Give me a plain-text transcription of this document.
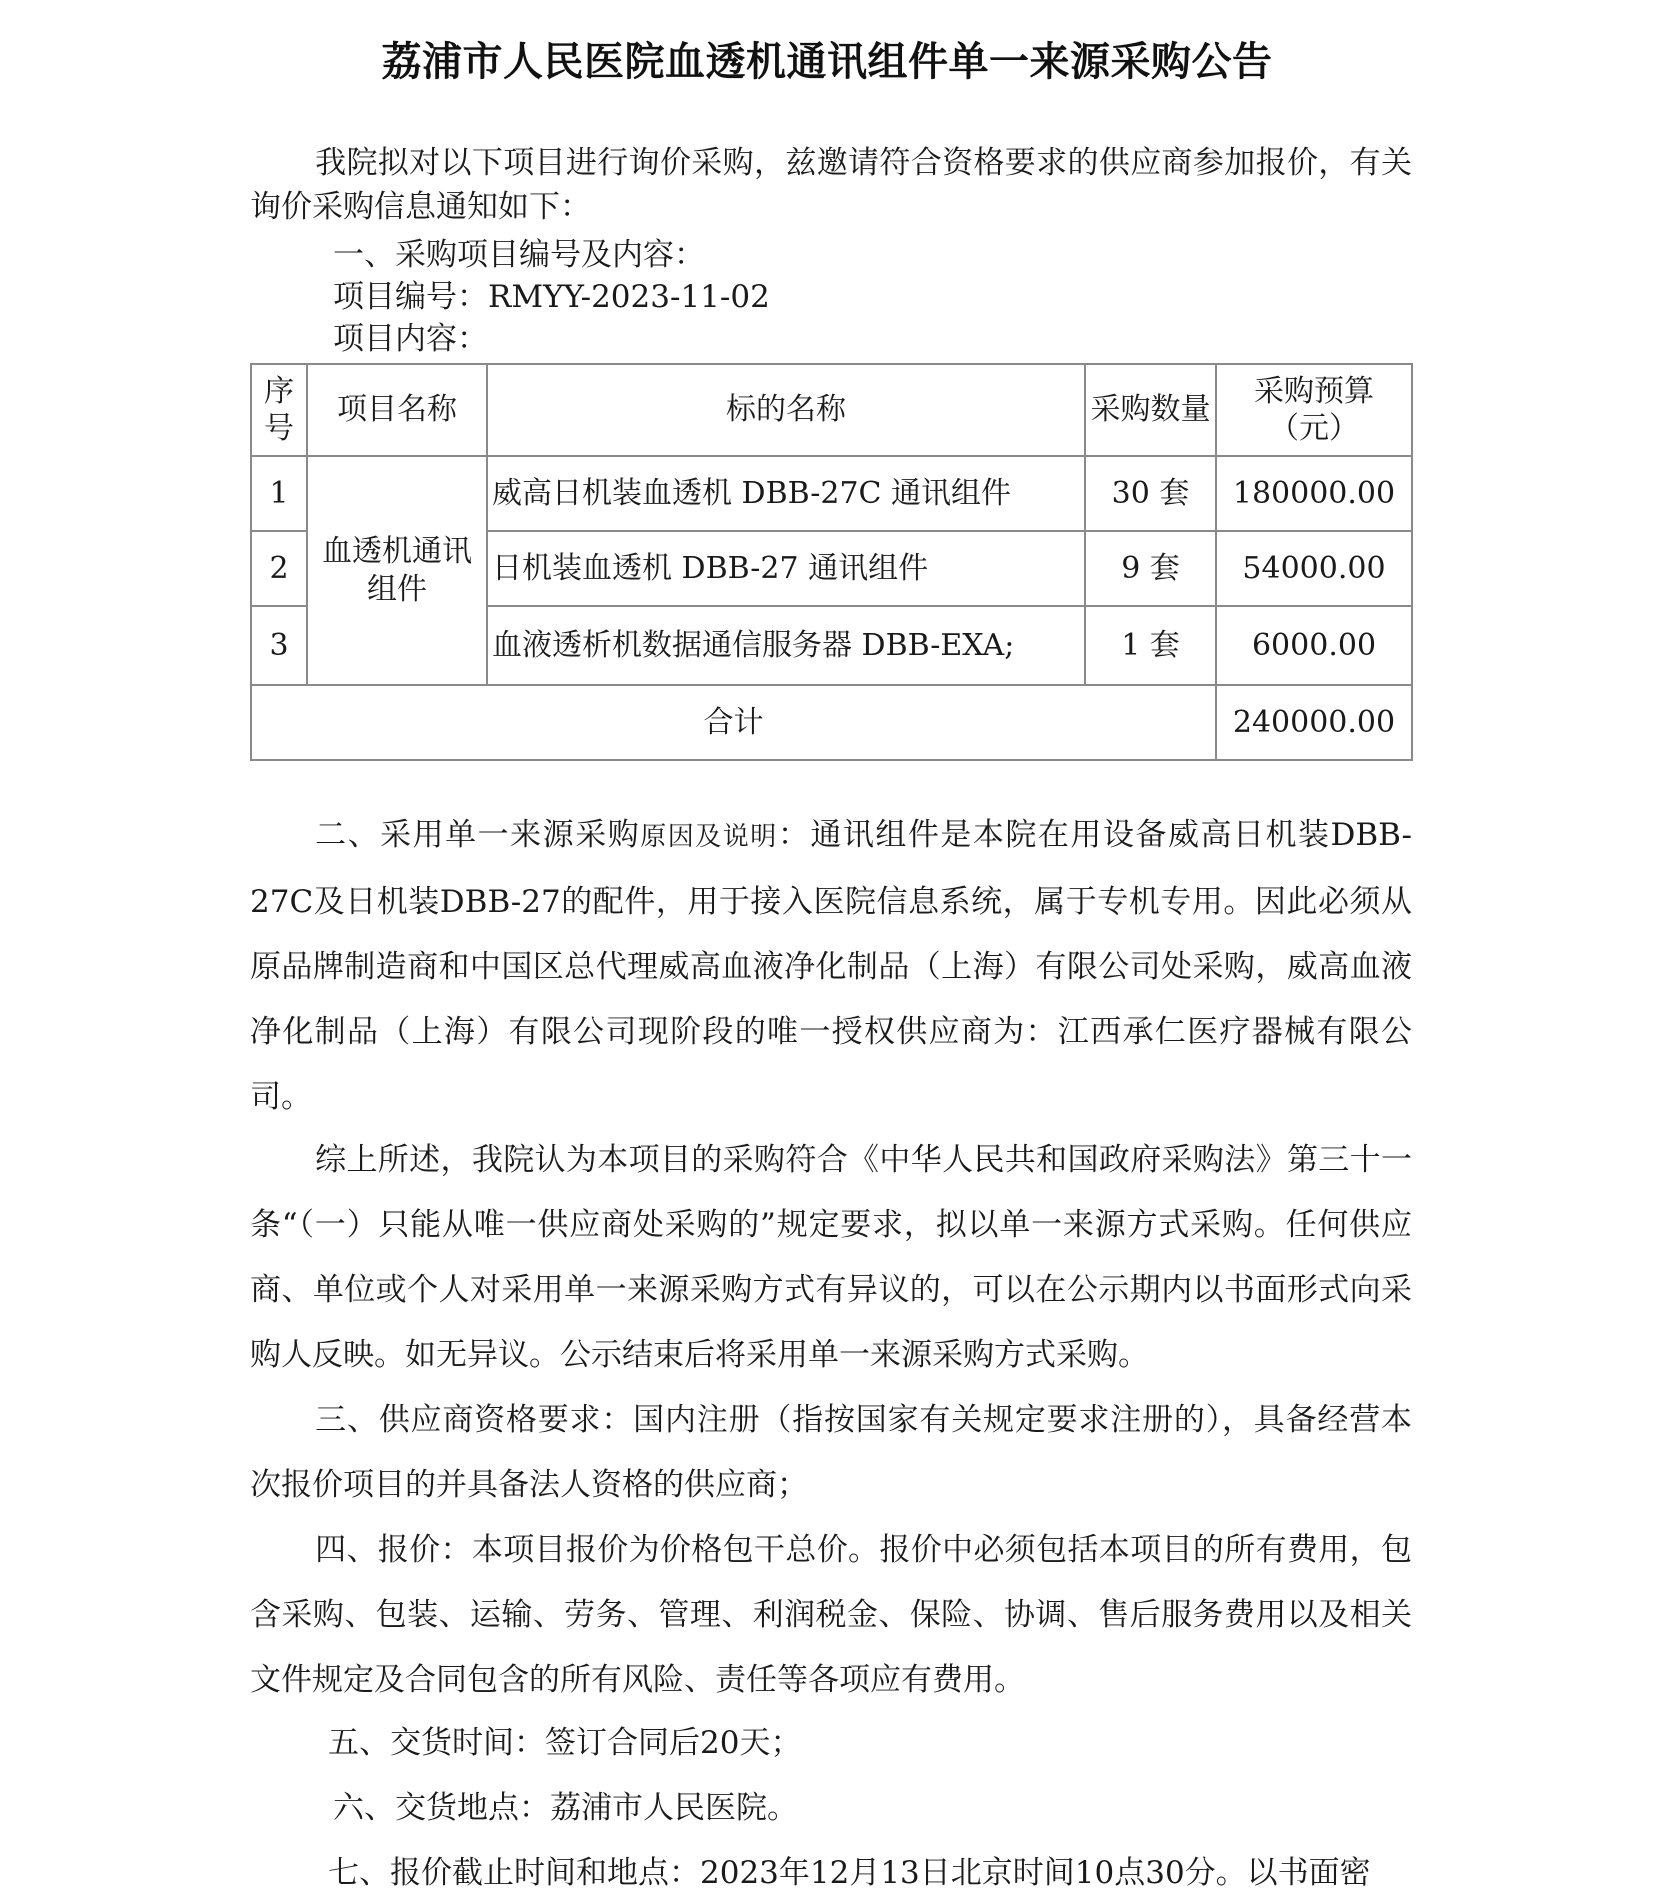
荔浦市人民医院血透机通讯组件单一来源采购公告
我院拟对以下项目进行询价采购，兹邀请符合资格要求的供应商参加报价，有关询价采购信息通知如下：
一、采购项目编号及内容：
项目编号：RMYY-2023-11-02
项目内容：
序号	项目名称	标的名称	采购数量	采购预算（元）
1	血透机通讯组件	威高日机装血透机 DBB-27C 通讯组件	30 套	180000.00
2		日机装血透机 DBB-27 通讯组件	9 套	54000.00
3		血液透析机数据通信服务器 DBB-EXA;	1 套	6000.00
合计				240000.00
二、采用单一来源采购原因及说明：通讯组件是本院在用设备威高日机装DBB-27C及日机装DBB-27的配件，用于接入医院信息系统，属于专机专用。因此必须从原品牌制造商和中国区总代理威高血液净化制品（上海）有限公司处采购，威高血液净化制品（上海）有限公司现阶段的唯一授权供应商为：江西承仁医疗器械有限公司。
综上所述，我院认为本项目的采购符合《中华人民共和国政府采购法》第三十一条“（一）只能从唯一供应商处采购的”规定要求，拟以单一来源方式采购。任何供应商、单位或个人对采用单一来源采购方式有异议的，可以在公示期内以书面形式向采购人反映。如无异议。公示结束后将采用单一来源采购方式采购。
三、供应商资格要求：国内注册（指按国家有关规定要求注册的），具备经营本次报价项目的并具备法人资格的供应商；
四、报价：本项目报价为价格包干总价。报价中必须包括本项目的所有费用，包含采购、包装、运输、劳务、管理、利润税金、保险、协调、售后服务费用以及相关文件规定及合同包含的所有风险、责任等各项应有费用。
五、交货时间：签订合同后20天；
六、交货地点：荔浦市人民医院。
七、报价截止时间和地点：2023年12月13日北京时间10点30分。以书面密
